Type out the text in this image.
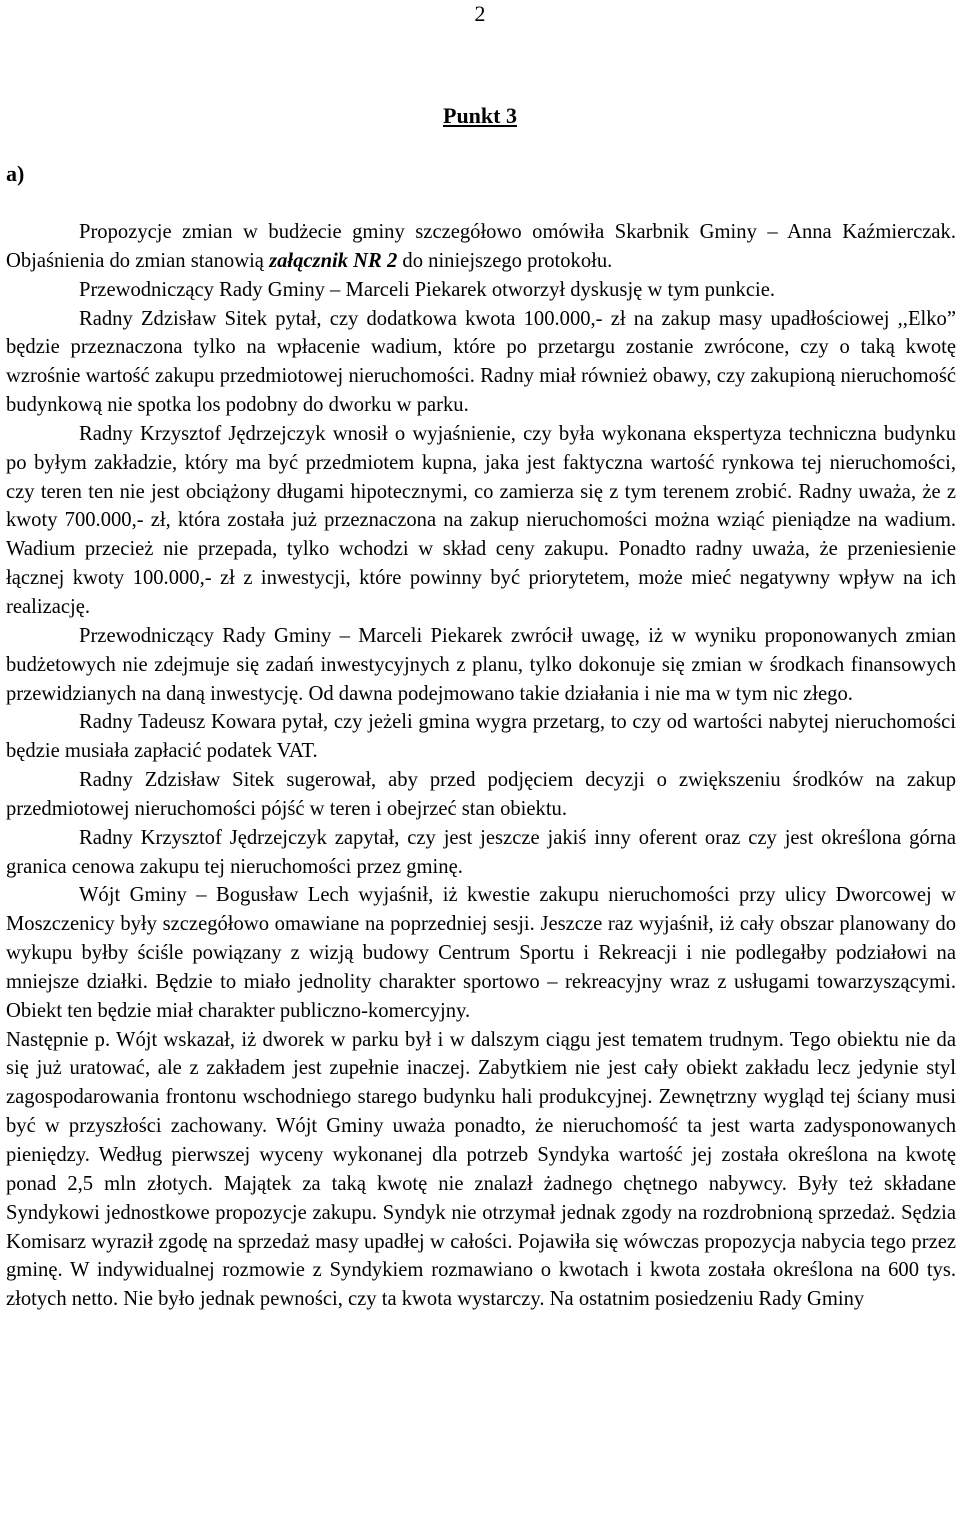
2
Punkt 3
a)

Propozycje zmian w budżecie gminy szczegółowo omówiła Skarbnik Gminy – Anna Kaźmierczak. Objaśnienia do zmian stanowią załącznik NR 2 do niniejszego protokołu.

Przewodniczący Rady Gminy – Marceli Piekarek otworzył dyskusję w tym punkcie.

Radny Zdzisław Sitek pytał, czy dodatkowa kwota 100.000,- zł na zakup masy upadłościowej ,,Elko” będzie przeznaczona tylko na wpłacenie wadium, które po przetargu zostanie zwrócone, czy o taką kwotę wzrośnie wartość zakupu przedmiotowej nieruchomości. Radny miał również obawy, czy zakupioną nieruchomość budynkową nie spotka los podobny do dworku w parku.

Radny Krzysztof Jędrzejczyk wnosił o wyjaśnienie, czy była wykonana ekspertyza techniczna budynku po byłym zakładzie, który ma być przedmiotem kupna, jaka jest faktyczna wartość rynkowa tej nieruchomości, czy teren ten nie jest obciążony długami hipotecznymi, co zamierza się z tym terenem zrobić. Radny uważa, że z kwoty 700.000,- zł, która została już przeznaczona na zakup nieruchomości można wziąć pieniądze na wadium. Wadium przecież nie przepada, tylko wchodzi w skład ceny zakupu. Ponadto radny uważa, że przeniesienie łącznej kwoty 100.000,- zł z inwestycji, które powinny być priorytetem, może mieć negatywny wpływ na ich realizację.

Przewodniczący Rady Gminy – Marceli Piekarek zwrócił uwagę, iż w wyniku proponowanych zmian budżetowych nie zdejmuje się zadań inwestycyjnych z planu, tylko dokonuje się zmian w środkach finansowych przewidzianych na daną inwestycję. Od dawna podejmowano takie działania i nie ma w tym nic złego.

Radny Tadeusz Kowara pytał, czy jeżeli gmina wygra przetarg, to czy od wartości nabytej nieruchomości będzie musiała zapłacić podatek VAT.

Radny Zdzisław Sitek sugerował, aby przed podjęciem decyzji o zwiększeniu środków na zakup przedmiotowej nieruchomości pójść w teren i obejrzeć stan obiektu.

Radny Krzysztof Jędrzejczyk zapytał, czy jest jeszcze jakiś inny oferent oraz czy jest określona górna granica cenowa zakupu tej nieruchomości przez gminę.

Wójt Gminy – Bogusław Lech wyjaśnił, iż kwestie zakupu nieruchomości przy ulicy Dworcowej w Moszczenicy były szczegółowo omawiane na poprzedniej sesji. Jeszcze raz wyjaśnił, iż cały obszar planowany do wykupu byłby ściśle powiązany z wizją budowy Centrum Sportu i Rekreacji i nie podlegałby podziałowi na mniejsze działki. Będzie to miało jednolity charakter sportowo – rekreacyjny wraz z usługami towarzyszącymi. Obiekt ten będzie miał charakter publiczno-komercyjny.

Następnie p. Wójt wskazał, iż dworek w parku był i w dalszym ciągu jest tematem trudnym. Tego obiektu nie da się już uratować, ale z zakładem jest zupełnie inaczej. Zabytkiem nie jest cały obiekt zakładu lecz jedynie styl zagospodarowania frontonu wschodniego starego budynku hali produkcyjnej. Zewnętrzny wygląd tej ściany musi być w przyszłości zachowany. Wójt Gminy uważa ponadto, że nieruchomość ta jest warta zadysponowanych pieniędzy. Według pierwszej wyceny wykonanej dla potrzeb Syndyka wartość jej została określona na kwotę ponad 2,5 mln złotych. Majątek za taką kwotę nie znalazł żadnego chętnego nabywcy. Były też składane Syndykowi jednostkowe propozycje zakupu. Syndyk nie otrzymał jednak zgody na rozdrobnioną sprzedaż. Sędzia Komisarz wyraził zgodę na sprzedaż masy upadłej w całości. Pojawiła się wówczas propozycja nabycia tego przez gminę. W indywidualnej rozmowie z Syndykiem rozmawiano o kwotach i kwota została określona na 600 tys. złotych netto. Nie było jednak pewności, czy ta kwota wystarczy. Na ostatnim posiedzeniu Rady Gminy
